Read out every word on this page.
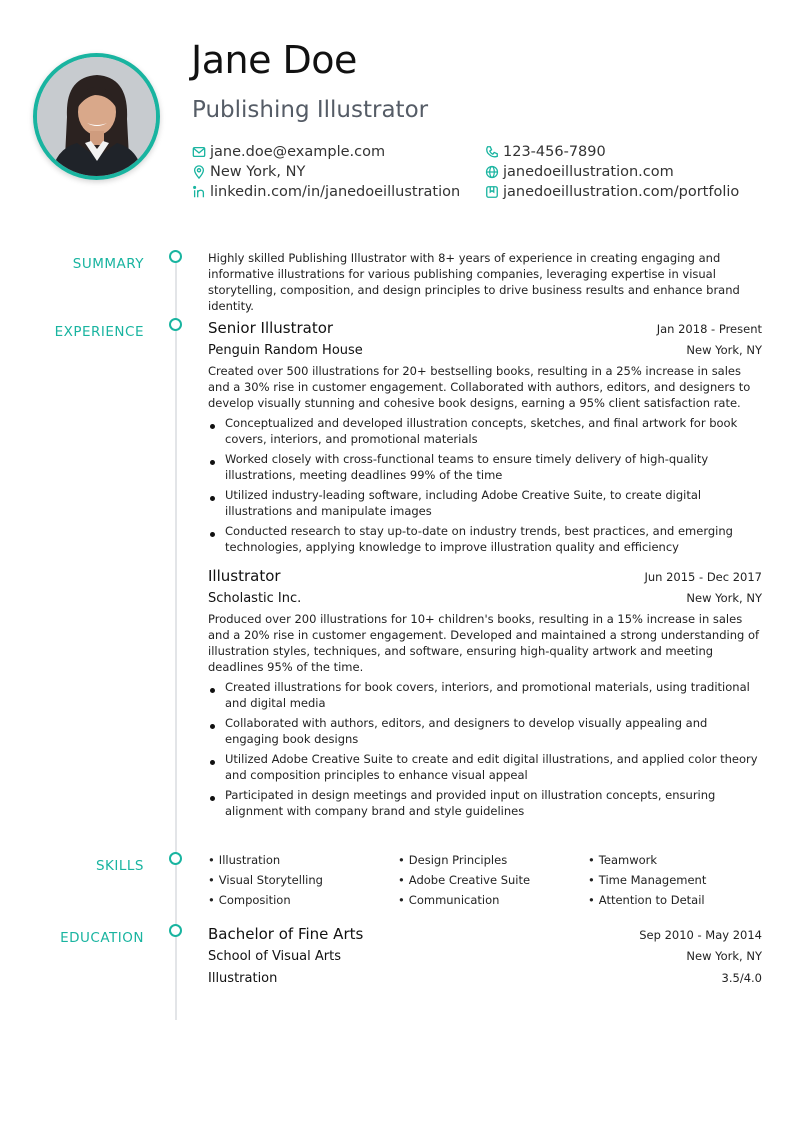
Jane Doe
Publishing Illustrator
jane.doe@example.com	123-456-7890
New York, NY	janedoeillustration.com
linkedin.com/in/janedoeillustration	janedoeillustration.com/portfolio
SUMMARY
EXPERIENCE
SKILLS
EDUCATION
Highly skilled Publishing Illustrator with 8+ years of experience in creating engaging and informative illustrations for various publishing companies, leveraging expertise in visual storytelling, composition, and design principles to drive business results and enhance brand identity.
Senior Illustrator	Jan 2018 - Present
Penguin Random House	New York, NY
Created over 500 illustrations for 20+ bestselling books, resulting in a 25% increase in sales and a 30% rise in customer engagement. Collaborated with authors, editors, and designers to develop visually stunning and cohesive book designs, earning a 95% client satisfaction rate.
Conceptualized and developed illustration concepts, sketches, and final artwork for book covers, interiors, and promotional materials
Worked closely with cross-functional teams to ensure timely delivery of high-quality illustrations, meeting deadlines 99% of the time
Utilized industry-leading software, including Adobe Creative Suite, to create digital illustrations and manipulate images
Conducted research to stay up-to-date on industry trends, best practices, and emerging technologies, applying knowledge to improve illustration quality and efficiency
Illustrator	Jun 2015 - Dec 2017
Scholastic Inc.	New York, NY
Produced over 200 illustrations for 10+ children's books, resulting in a 15% increase in sales and a 20% rise in customer engagement. Developed and maintained a strong understanding of illustration styles, techniques, and software, ensuring high-quality artwork and meeting deadlines 95% of the time.
Created illustrations for book covers, interiors, and promotional materials, using traditional and digital media
Collaborated with authors, editors, and designers to develop visually appealing and engaging book designs
Utilized Adobe Creative Suite to create and edit digital illustrations, and applied color theory and composition principles to enhance visual appeal
Participated in design meetings and provided input on illustration concepts, ensuring alignment with company brand and style guidelines
• Illustration	• Design Principles	• Teamwork
• Visual Storytelling	• Adobe Creative Suite	• Time Management
• Composition	• Communication	• Attention to Detail
Bachelor of Fine Arts	Sep 2010 - May 2014
School of Visual Arts	New York, NY
Illustration	3.5/4.0
